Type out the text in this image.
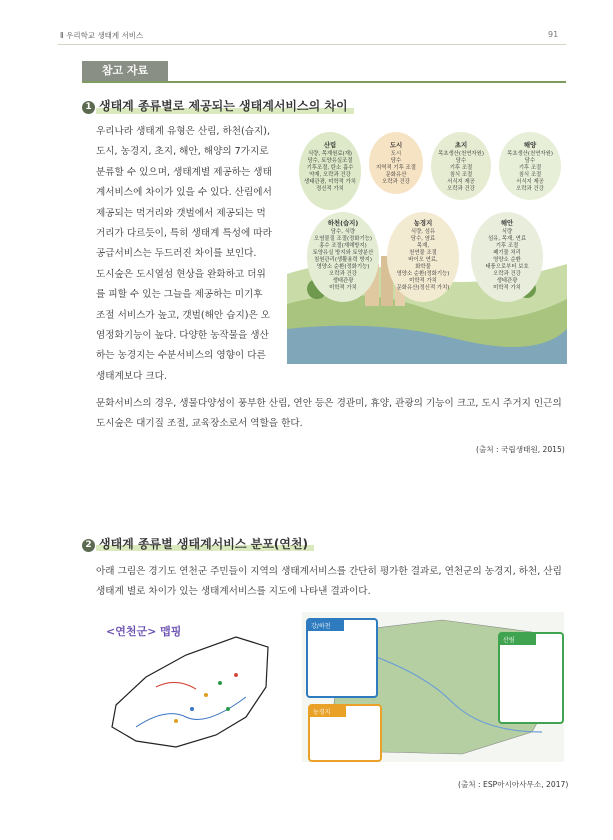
Ⅱ 우리학교 생태계 서비스	91
참고 자료
1 생태계 종류별로 제공되는 생태계서비스의 차이
우리나라 생태계 유형은 산림, 하천(습지),
도시, 농경지, 초지, 해안, 해양의 7가지로
분류할 수 있으며, 생태계별 제공하는 생태
계서비스에 차이가 있을 수 있다. 산림에서
제공되는 먹거리와 갯벌에서 제공되는 먹
거리가 다르듯이, 특히 생태계 특성에 따라
공급서비스는 두드러진 차이를 보인다.
도시숲은 도시열섬 현상을 완화하고 더위
를 피할 수 있는 그늘을 제공하는 미기후
조절 서비스가 높고, 갯벌(해안 습지)은 오
염정화기능이 높다. 다양한 농작물을 생산
하는 농경지는 수분서비스의 영향이 다른
생태계보다 크다.
산림
식량, 목재원료(재)
담수, 토양유실조절
기후조절, 탄소 흡수
약재, 오락과 건강
생태관광, 미학적 가치
정신적 가치
도시
도시
담수
지역적 기후 조절
문화유산
오락과 건강
초지
목초생산(천연자원)
담수
기후 조절
침식 조절
서식지 제공
오락과 건강
해양
목초생산(천연자원)
담수
기후 조절
침식 조절
서식지 제공
오락과 건강
하천(습지)
담수, 식량
오염물질 조절(정화기능)
홍수 조절(재해방지)
토양유실 방지와 토양분산
침원관리(생활용력 방지)
영양소 순환(정화기능)
오락과 건강
생태관광
미학적 가치
농경지
식량, 섬유
담수, 염료
목재,
천연물 조절
바이오 연료,
화학물
영양소 순환(정화기능)
미학적 가치
문화유산(정신적 가치)
해안
식량
섬유, 목재, 연료
기후 조절
폐기물 처리
영양소 순환
태풍으로부터 보호
오락과 건강
생태관광
미학적 가치
문화서비스의 경우, 생물다양성이 풍부한 산림, 연안 등은 경관미, 휴양, 관광의 기능이 크고, 도시 주거지 인근의
도시숲은 대기질 조절, 교육장소로서 역할을 한다.
(출처 : 국립생태원, 2015)
2 생태계 종류별 생태계서비스 분포(연천)
아래 그림은 경기도 연천군 주민들이 지역의 생태계서비스를 간단히 평가한 결과로, 연천군의 농경지, 하천, 산림
생태계 별로 차이가 있는 생태계서비스를 지도에 나타낸 결과이다.
<연천군> 맵핑	강/하천
산림
농경지
(출처 : ESP아시아사무소, 2017)
